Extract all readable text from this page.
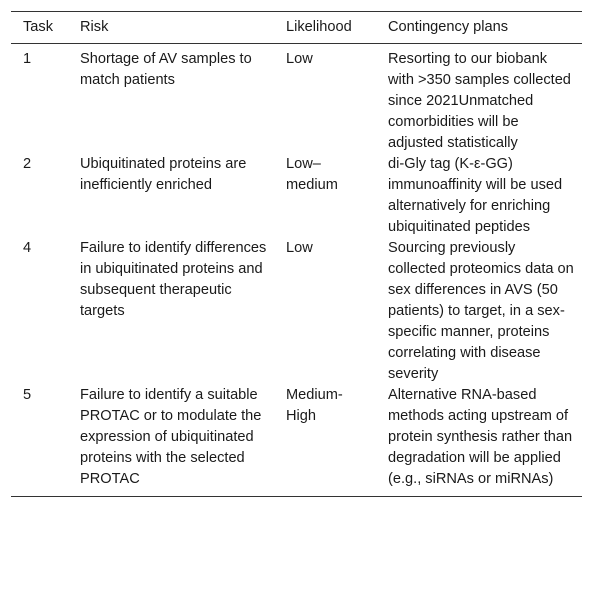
Task	Risk	Likelihood	Contingency plans
1	Shortage of AV samples to match patients	Low	Resorting to our biobank with >350 samples collected since 2021Unmatched comorbidities will be adjusted statistically
2	Ubiquitinated proteins are inefficiently enriched	Low–medium	di-Gly tag (K-ε-GG) immunoaffinity will be used alternatively for enriching ubiquitinated peptides
4	Failure to identify differences in ubiquitinated proteins and subsequent therapeutic targets	Low	Sourcing previously collected proteomics data on sex differences in AVS (50 patients) to target, in a sex-specific manner, proteins correlating with disease severity
5	Failure to identify a suitable PROTAC or to modulate the expression of ubiquitinated proteins with the selected PROTAC	Medium-High	Alternative RNA-based methods acting upstream of protein synthesis rather than degradation will be applied (e.g., siRNAs or miRNAs)
